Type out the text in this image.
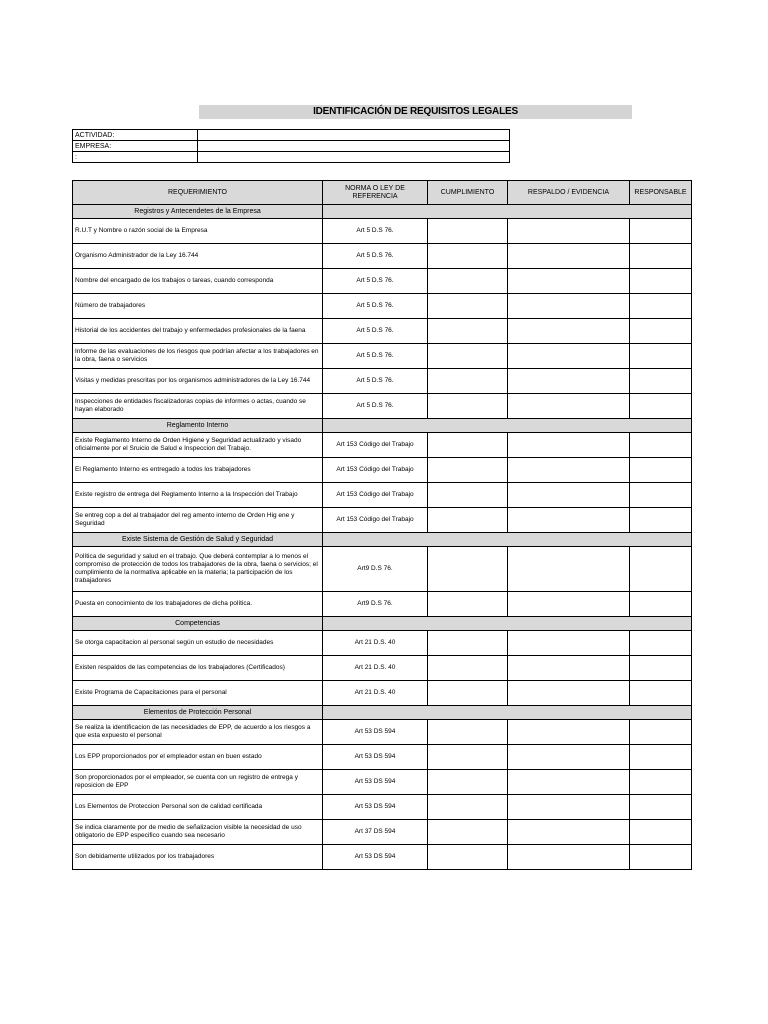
IDENTIFICACIÓN DE REQUISITOS LEGALES
ACTIVIDAD:	
EMPRESA:	
:	
REQUERIMIENTO	NORMA O LEY DE REFERENCIA	CUMPLIMIENTO	RESPALDO / EVIDENCIA	RESPONSABLE
Registros y Antecendetes de la Empresa				
R.U.T y Nombre o razón social de la Empresa	Art 5 D.S 76.			
Organismo Administrador de la Ley 16.744	Art 5 D.S 76.			
Nombre del encargado de los trabajos o tareas, cuando corresponda	Art 5 D.S 76.			
Número de trabajadores	Art 5 D.S 76.			
Historial de los accidentes del trabajo y enfermedades profesionales de la faena	Art 5 D.S 76.			
Informe de las evaluaciones de los riesgos que podrían afectar a los trabajadores en la obra, faena o servicios	Art 5 D.S 76.			
Visitas y medidas prescritas por los organismos administradores de la Ley 16.744	Art 5 D.S 76.			
Inspecciones de entidades fiscalizadoras copias de informes o actas, cuando se hayan elaborado	Art 5 D.S 76.			
Reglamento Interno				
Existe Reglamento Interno de Orden Higiene y Seguridad actualizado y visado oficialmente por el Sruicio de Salud e Inspeccion del Trabajo.	Art 153 Código del Trabajo			
El Reglamento Interno es entregado a todos los trabajadores	Art 153 Código del Trabajo			
Existe registro de entrega del Reglamento Interno a la Inspección del Trabajo	Art 153 Código del Trabajo			
Se entreg cop a del al trabajador del reg amento interno de Orden Hig ene y Seguridad	Art 153 Código del Trabajo			
Existe Sistema de Gestión de Salud y Seguridad				
Política de seguridad y salud en el trabajo. Que deberá contemplar a lo menos el compromiso de protección de todos los trabajadores de la obra, faena o servicios; el cumplimiento de la normativa aplicable en la materia; la participación de los trabajadores	Art9 D.S 76.			
Puesta en conocimiento de los trabajadores de dicha política.	Art9 D.S 76.			
Competencias				
Se otorga capacitacion al personal según un estudio de necesidades	Art 21 D.S. 40			
Existen respaldos de las competencias de los trabajadores (Certificados)	Art 21 D.S. 40			
Existe Programa de Capacitaciones para el personal	Art 21 D.S. 40			
Elementos de Protección Personal				
Se realiza la identificacion de las necesidades de EPP, de acuerdo a los riesgos a que esta expuesto el personal	Art 53 DS 594			
Los EPP proporcionados por el empleador estan en buen estado	Art 53 DS 594			
Son proporcionados por el empleador, se cuenta con un registro de entrega y reposicion de EPP	Art 53 DS 594			
Los Elementos de Proteccion Personal son de calidad certificada	Art 53 DS 594			
Se indica claramente por de medio de señalizacion visible la necesidad de uso obligatorio de EPP especifico cuando sea necesario	Art 37 DS 594			
Son debidamente utilizados por los trabajadores	Art 53 DS 594			
